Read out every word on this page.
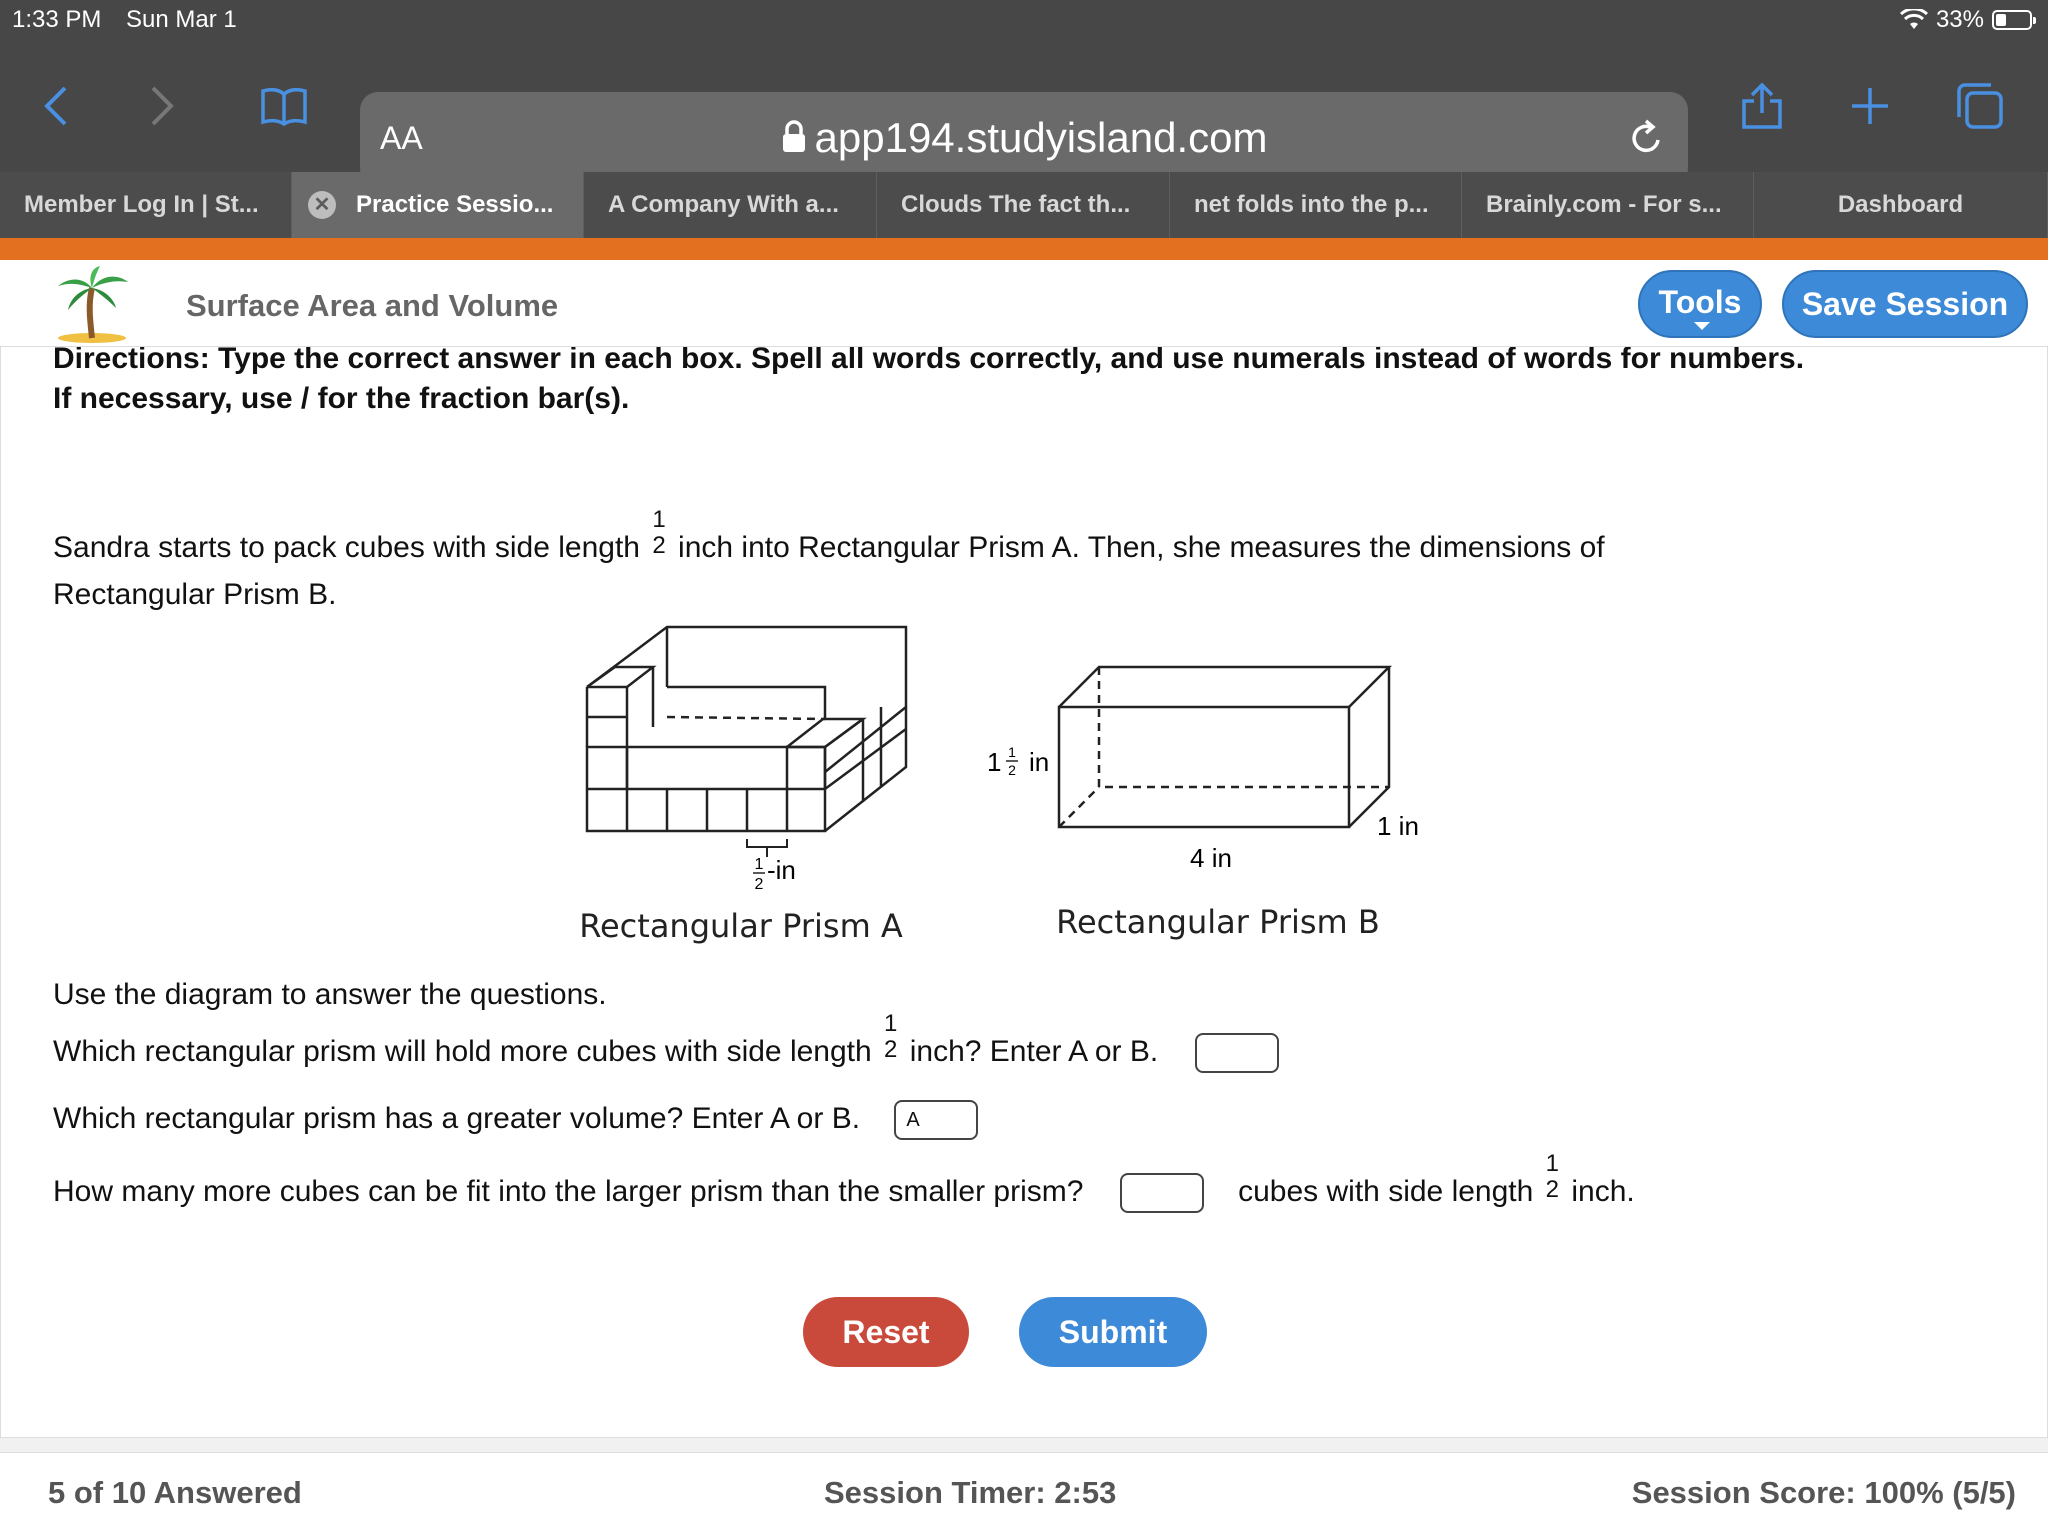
1:33 PM Sun Mar 1	33%
AA	app194.studyisland.com
Member Log In | St...	✕ Practice Sessio... A Company With a...	Clouds The fact th...	net folds into the p... Brainly.com - For s...	Dashboard
Surface Area and Volume	Tools	Save Session
Directions: Type the correct answer in each box. Spell all words correctly, and use numerals instead of words for numbers. If necessary, use / for the fraction bar(s).
Sandra starts to pack cubes with side length
1
2 inch into Rectangular Prism A. Then, she measures the dimensions of Rectangular Prism B.
1
2 -in
Rectangular Prism A
1 1
2 in
4 in
1 in
Rectangular Prism B
Use the diagram to answer the questions.
Which rectangular prism will hold more cubes with side length
1
2 inch? Enter A or B.
Which rectangular prism has a greater volume? Enter A or B. A
How many more cubes can be fit into the larger prism than the smaller prism?	cubes with side length
1
2 inch.
Reset	Submit
5 of 10 Answered	Session Timer: 2:53	Session Score: 100% (5/5)
